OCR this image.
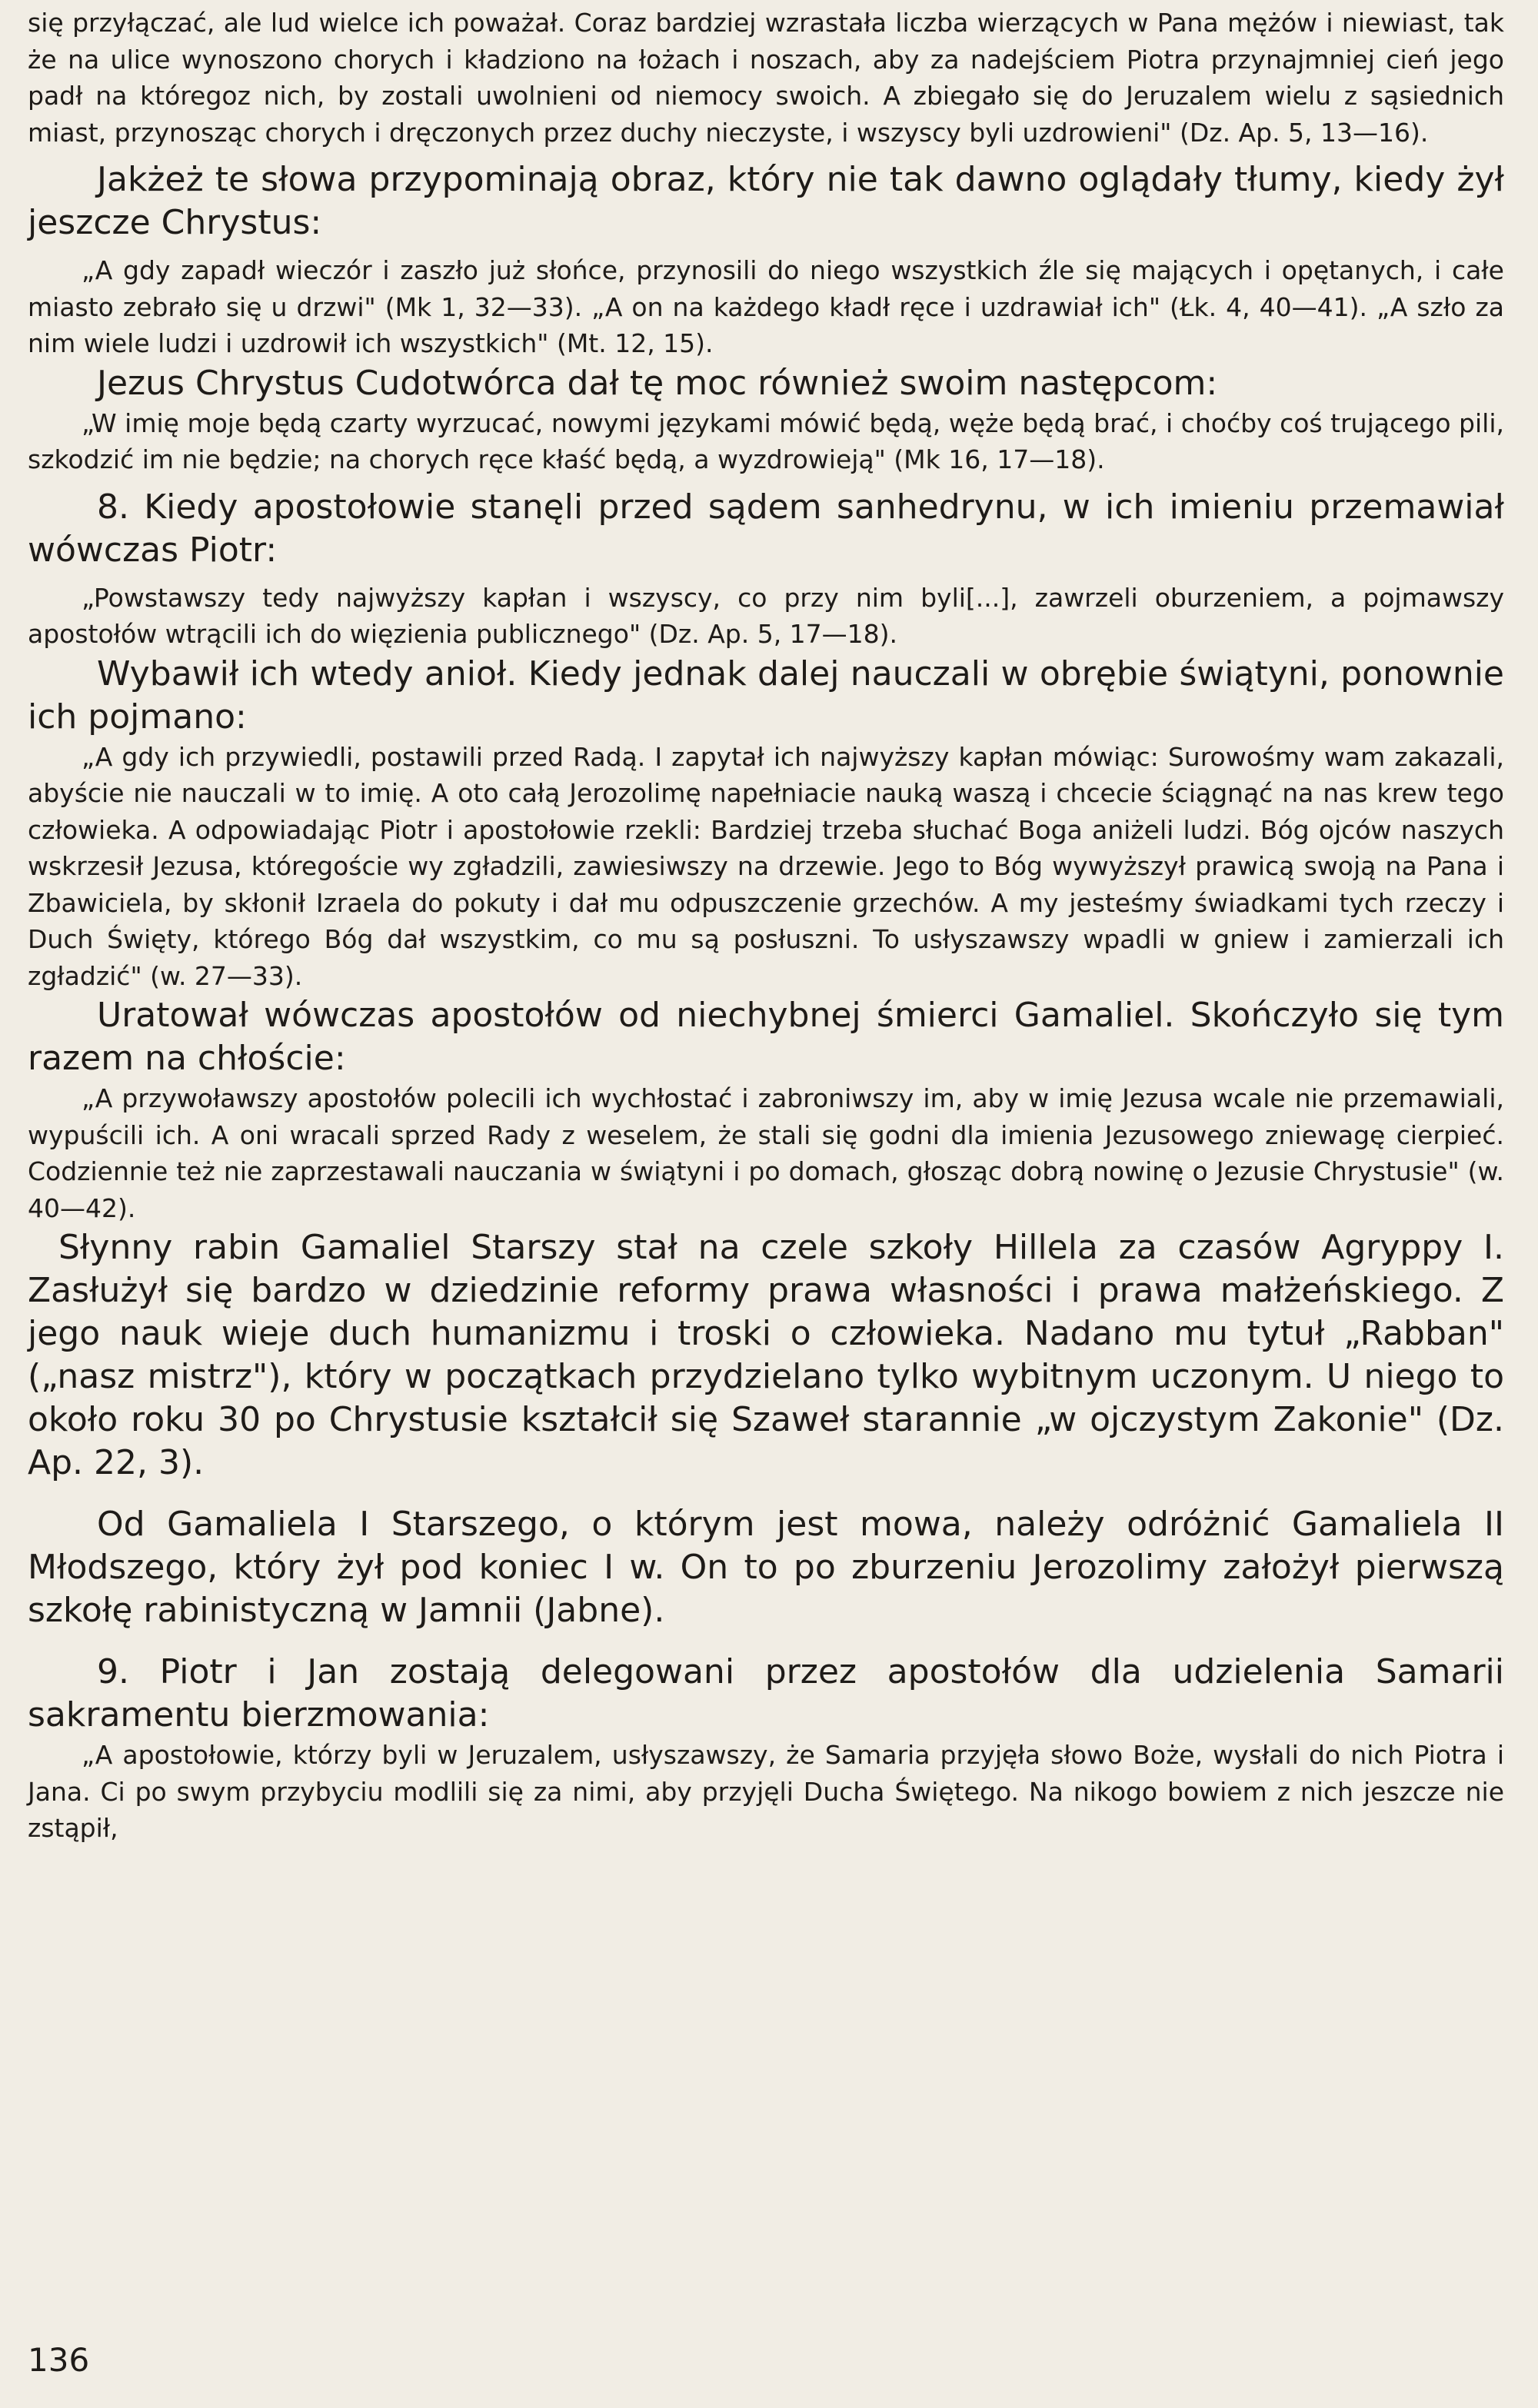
się przyłączać, ale lud wielce ich poważał. Coraz bardziej wzrastała liczba wierzących w Pana mężów i niewiast, tak że na ulice wynoszono chorych i kładziono na łożach i noszach, aby za nadejściem Piotra przynajmniej cień jego padł na któregoz nich, by zostali uwolnieni od niemocy swoich. A zbiegało się do Jeruzalem wielu z sąsiednich miast, przynosząc chorych i dręczonych przez duchy nieczyste, i wszyscy byli uzdrowieni" (Dz. Ap. 5, 13—16).

Jakżeż te słowa przypominają obraz, który nie tak dawno oglądały tłumy, kiedy żył jeszcze Chrystus:

„A gdy zapadł wieczór i zaszło już słońce, przynosili do niego wszystkich źle się mających i opętanych, i całe miasto zebrało się u drzwi" (Mk 1, 32—33). „A on na każdego kładł ręce i uzdrawiał ich" (Łk. 4, 40—41). „A szło za nim wiele ludzi i uzdrowił ich wszystkich" (Mt. 12, 15).

Jezus Chrystus Cudotwórca dał tę moc również swoim następcom:

„W imię moje będą czarty wyrzucać, nowymi językami mówić będą, węże będą brać, i choćby coś trującego pili, szkodzić im nie będzie; na chorych ręce kłaść będą, a wyzdrowieją" (Mk 16, 17—18).

8. Kiedy apostołowie stanęli przed sądem sanhedrynu, w ich imieniu przemawiał wówczas Piotr:

„Powstawszy tedy najwyższy kapłan i wszyscy, co przy nim byli[...], zawrzeli oburzeniem, a pojmawszy apostołów wtrącili ich do więzienia publicznego" (Dz. Ap. 5, 17—18).

Wybawił ich wtedy anioł. Kiedy jednak dalej nauczali w obrębie świątyni, ponownie ich pojmano:

„A gdy ich przywiedli, postawili przed Radą. I zapytał ich najwyższy kapłan mówiąc: Surowośmy wam zakazali, abyście nie nauczali w to imię. A oto całą Jerozolimę napełniacie nauką waszą i chcecie ściągnąć na nas krew tego człowieka. A odpowiadając Piotr i apostołowie rzekli: Bardziej trzeba słuchać Boga aniżeli ludzi. Bóg ojców naszych wskrzesił Jezusa, któregoście wy zgładzili, zawiesiwszy na drzewie. Jego to Bóg wywyższył prawicą swoją na Pana i Zbawiciela, by skłonił Izraela do pokuty i dał mu odpuszczenie grzechów. A my jesteśmy świadkami tych rzeczy i Duch Święty, którego Bóg dał wszystkim, co mu są posłuszni. To usłyszawszy wpadli w gniew i zamierzali ich zgładzić" (w. 27—33).

Uratował wówczas apostołów od niechybnej śmierci Gamaliel. Skończyło się tym razem na chłoście:

„A przywoławszy apostołów polecili ich wychłostać i zabroniwszy im, aby w imię Jezusa wcale nie przemawiali, wypuścili ich. A oni wracali sprzed Rady z weselem, że stali się godni dla imienia Jezusowego zniewagę cierpieć. Codziennie też nie zaprzestawali nauczania w świątyni i po domach, głosząc dobrą nowinę o Jezusie Chrystusie" (w. 40—42).

Słynny rabin Gamaliel Starszy stał na czele szkoły Hillela za czasów Agryppy I. Zasłużył się bardzo w dziedzinie reformy prawa własności i prawa małżeńskiego. Z jego nauk wieje duch humanizmu i troski o człowieka. Nadano mu tytuł „Rabban" („nasz mistrz"), który w początkach przydzielano tylko wybitnym uczonym. U niego to około roku 30 po Chrystusie kształcił się Szaweł starannie „w ojczystym Zakonie" (Dz. Ap. 22, 3).

Od Gamaliela I Starszego, o którym jest mowa, należy odróżnić Gamaliela II Młodszego, który żył pod koniec I w. On to po zburzeniu Jerozolimy założył pierwszą szkołę rabinistyczną w Jamnii (Jabne).

9. Piotr i Jan zostają delegowani przez apostołów dla udzielenia Samarii sakramentu bierzmowania:

„A apostołowie, którzy byli w Jeruzalem, usłyszawszy, że Samaria przyjęła słowo Boże, wysłali do nich Piotra i Jana. Ci po swym przybyciu modlili się za nimi, aby przyjęli Ducha Świętego. Na nikogo bowiem z nich jeszcze nie zstąpił,

136
